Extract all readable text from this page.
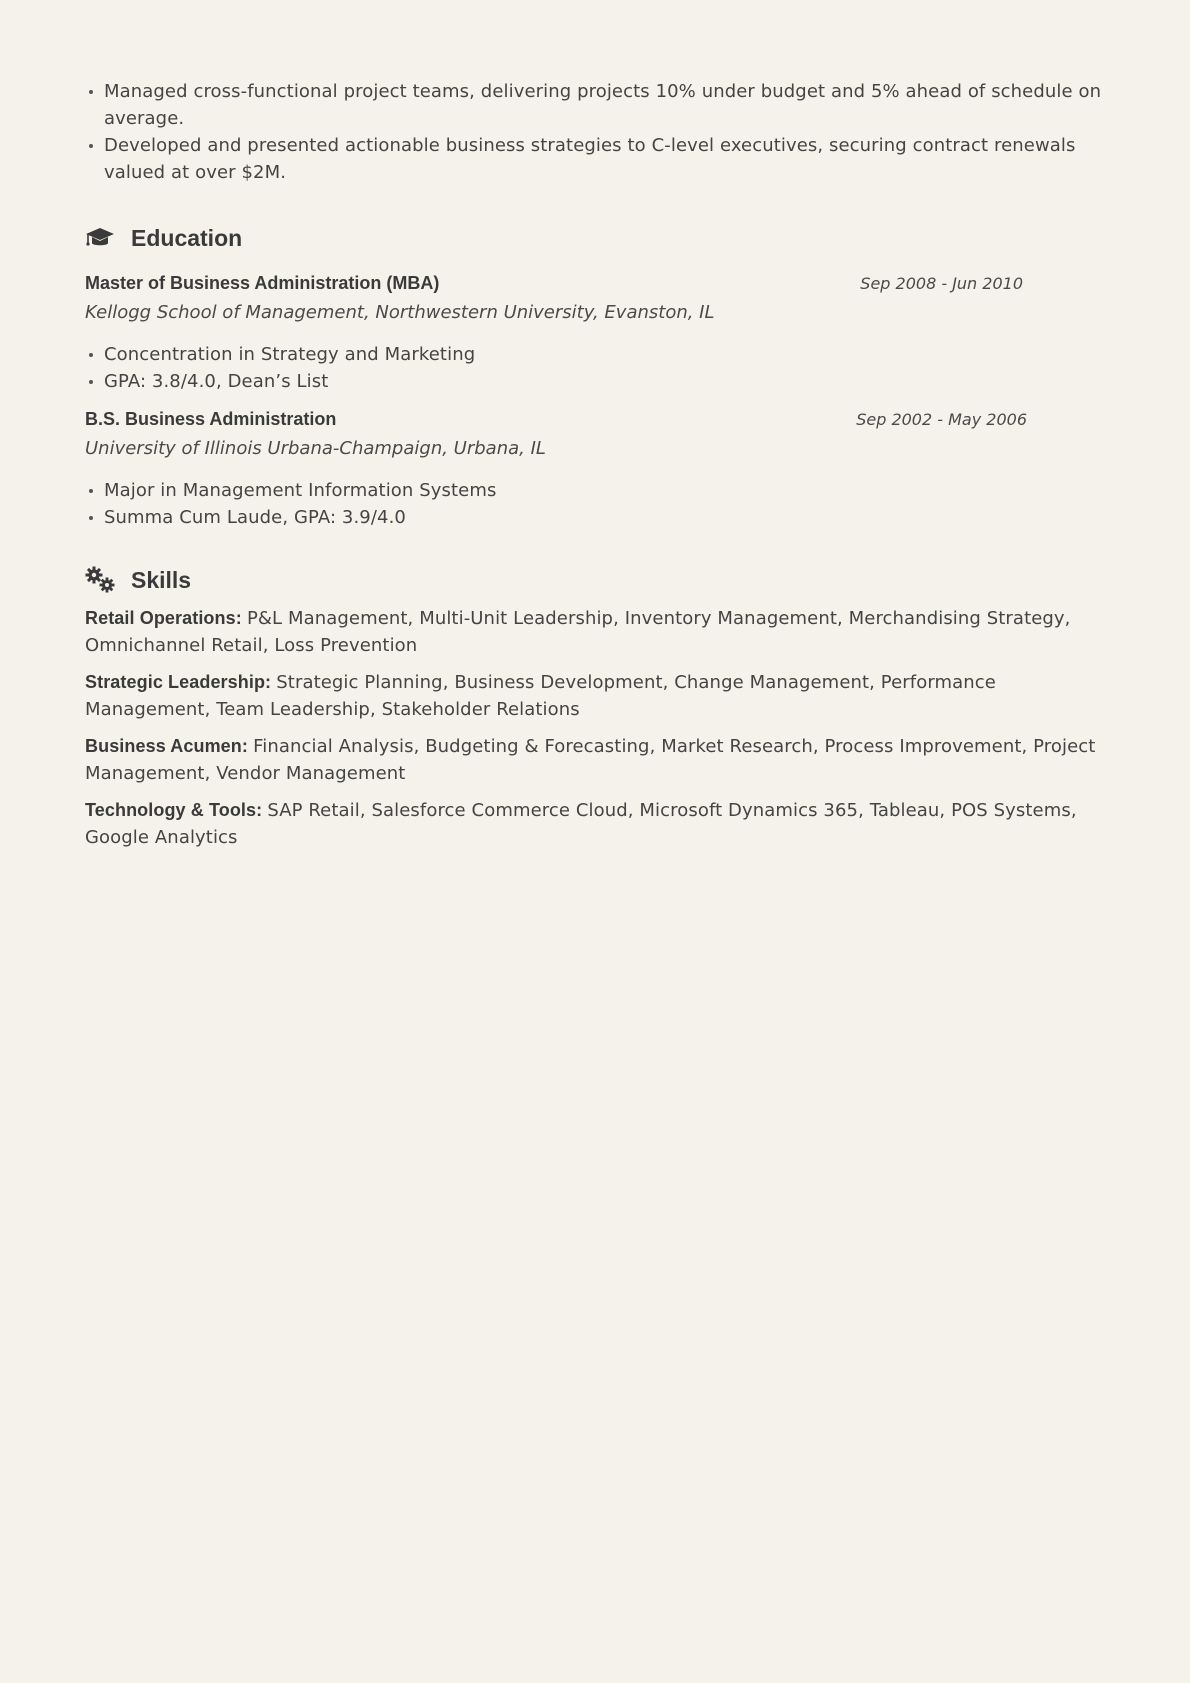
Managed cross-functional project teams, delivering projects 10% under budget and 5% ahead of schedule on average.
Developed and presented actionable business strategies to C-level executives, securing contract renewals valued at over $2M.
Education
Master of Business Administration (MBA)	Sep 2008 - Jun 2010
Kellogg School of Management, Northwestern University, Evanston, IL
Concentration in Strategy and Marketing
GPA: 3.8/4.0, Dean’s List
B.S. Business Administration	Sep 2002 - May 2006
University of Illinois Urbana-Champaign, Urbana, IL
Major in Management Information Systems
Summa Cum Laude, GPA: 3.9/4.0
Skills
Retail Operations: P&L Management, Multi-Unit Leadership, Inventory Management, Merchandising Strategy, Omnichannel Retail, Loss Prevention
Strategic Leadership: Strategic Planning, Business Development, Change Management, Performance Management, Team Leadership, Stakeholder Relations
Business Acumen: Financial Analysis, Budgeting & Forecasting, Market Research, Process Improvement, Project Management, Vendor Management
Technology & Tools: SAP Retail, Salesforce Commerce Cloud, Microsoft Dynamics 365, Tableau, POS Systems, Google Analytics
